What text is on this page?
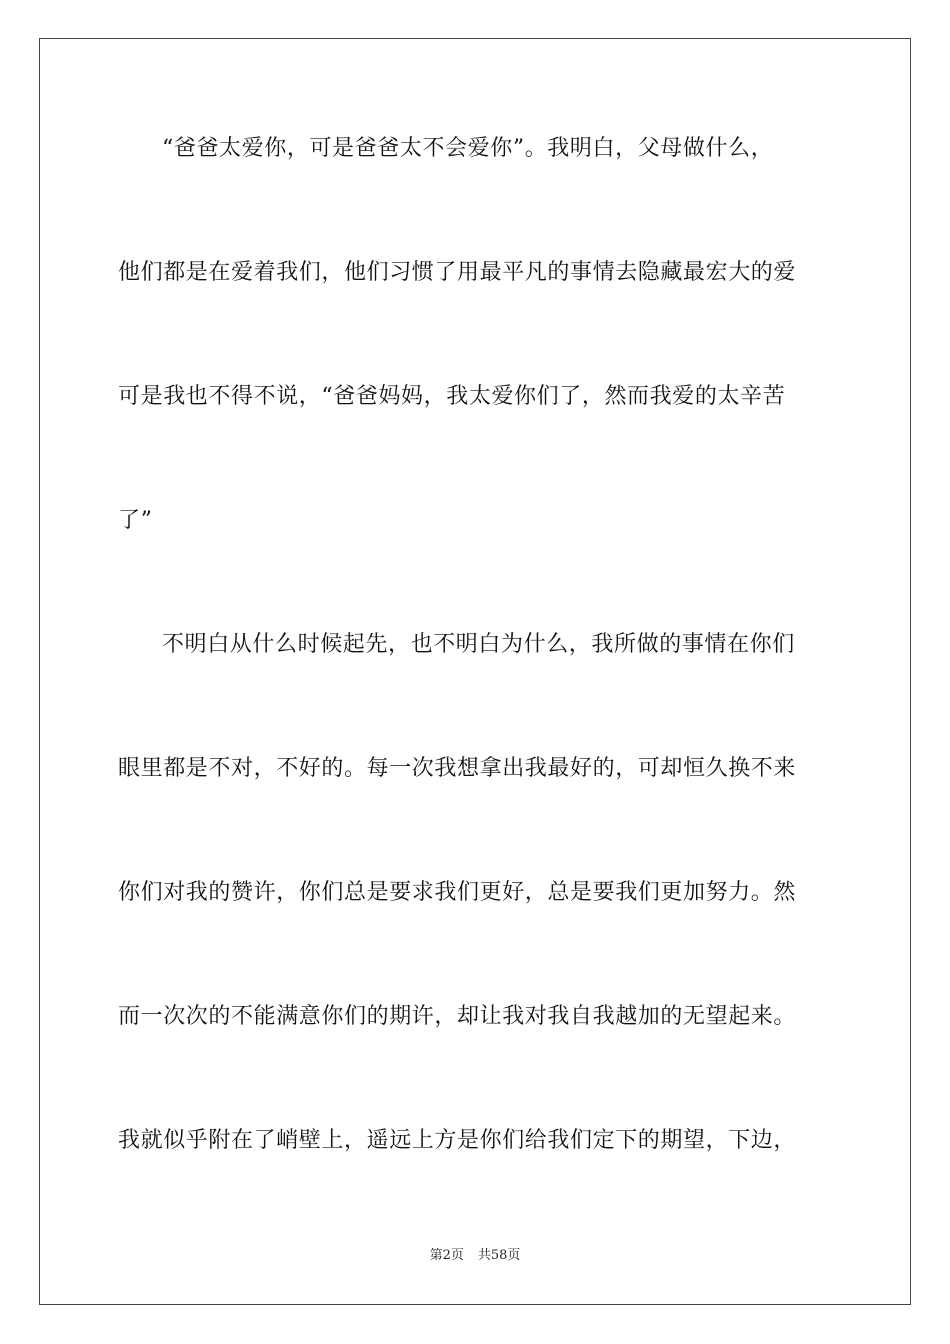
“爸爸太爱你，可是爸爸太不会爱你”。我明白，父母做什么，
他们都是在爱着我们，他们习惯了用最平凡的事情去隐藏最宏大的爱
可是我也不得不说，“爸爸妈妈，我太爱你们了，然而我爱的太辛苦
了”
不明白从什么时候起先，也不明白为什么，我所做的事情在你们
眼里都是不对，不好的。每一次我想拿出我最好的，可却恒久换不来
你们对我的赞许，你们总是要求我们更好，总是要我们更加努力。然
而一次次的不能满意你们的期许，却让我对我自我越加的无望起来。
我就似乎附在了峭壁上，遥远上方是你们给我们定下的期望，下边，
第2页 共58页
